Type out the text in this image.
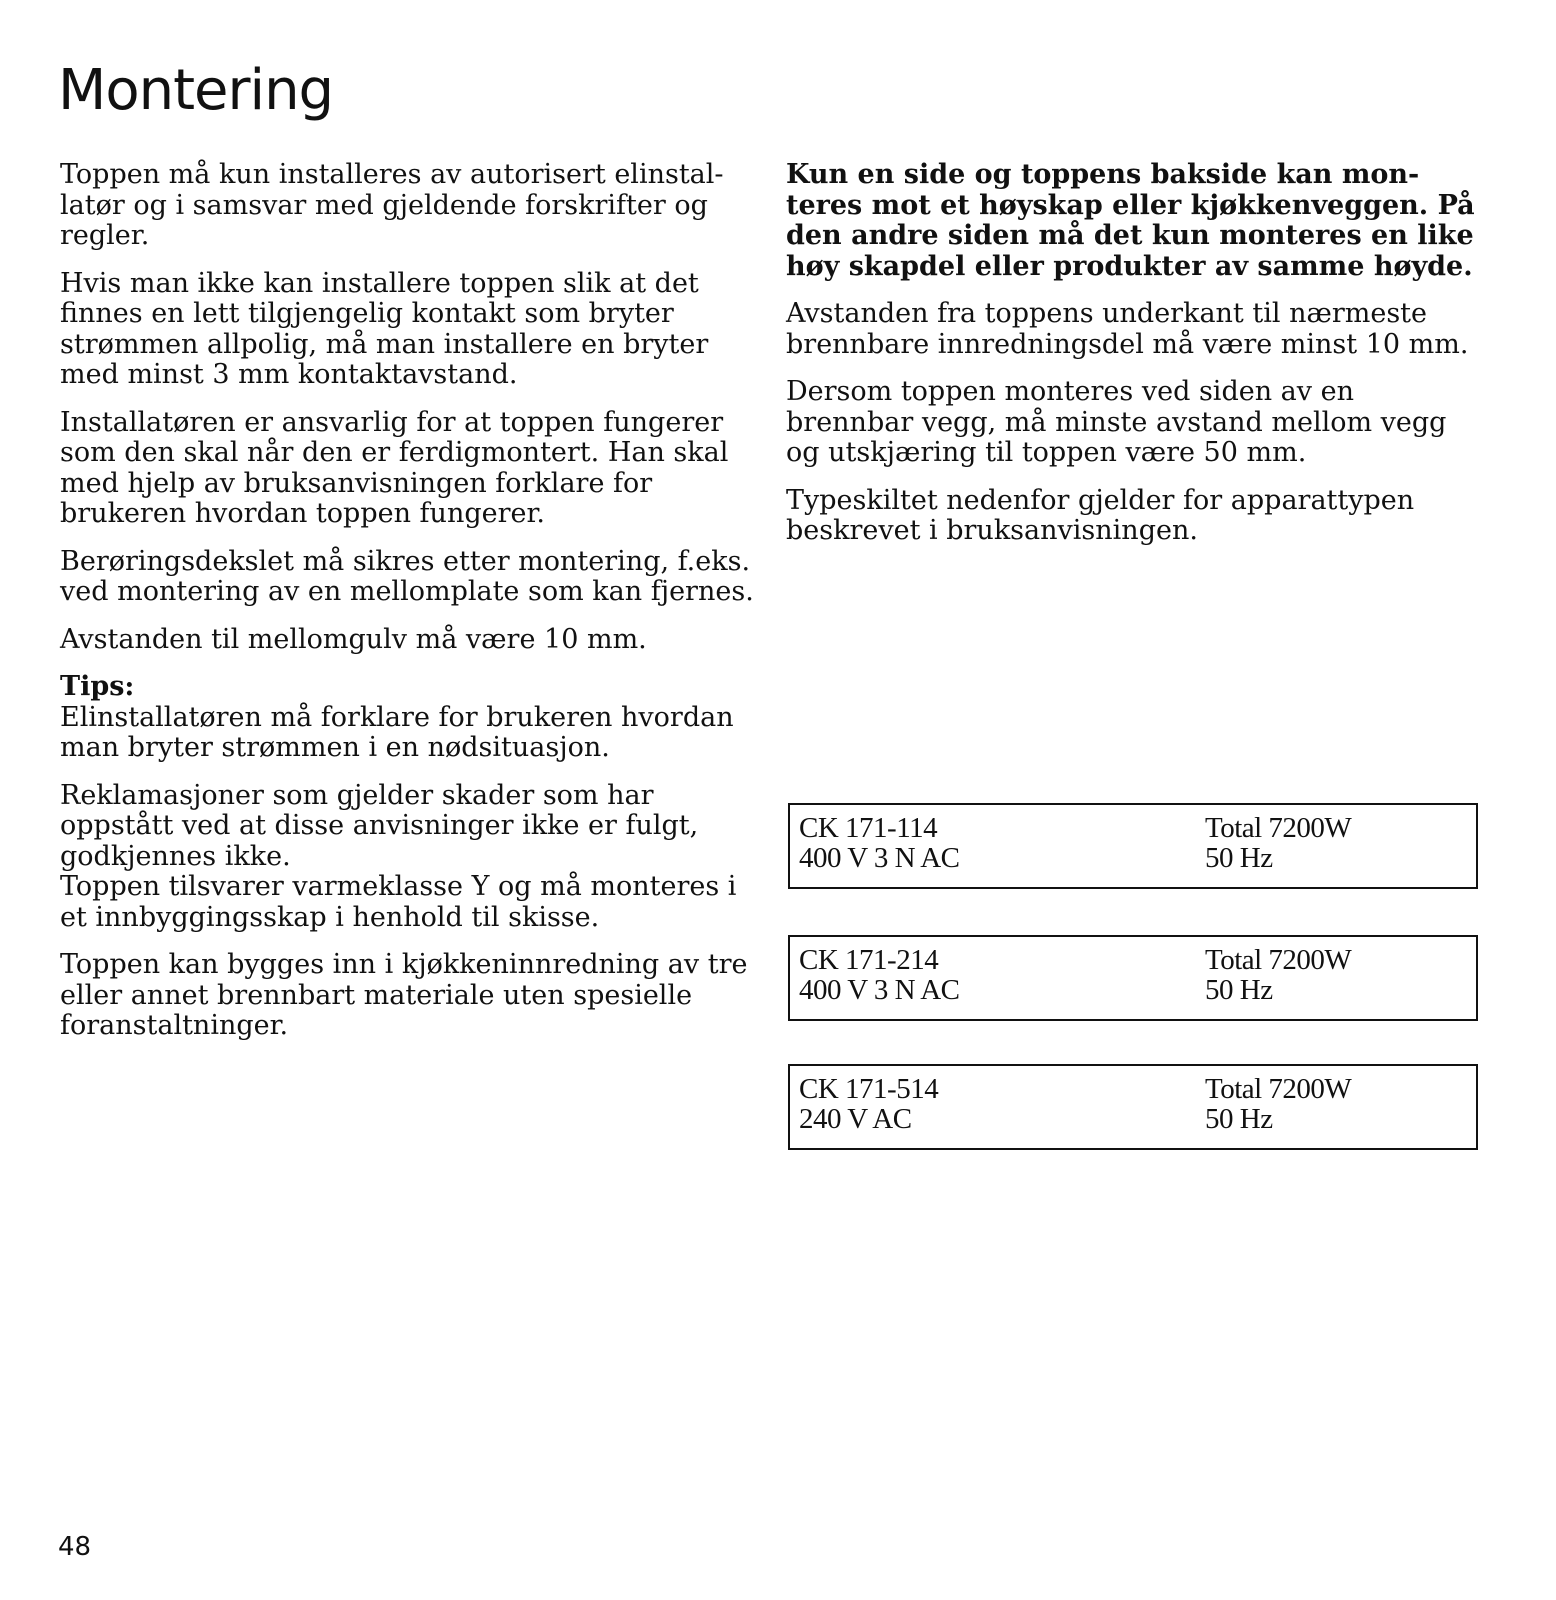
Montering

Toppen må kun installeres av autorisert elinstal- latør og i samsvar med gjeldende forskrifter og regler.

Hvis man ikke kan installere toppen slik at det finnes en lett tilgjengelig kontakt som bryter strømmen allpolig, må man installere en bryter med minst 3 mm kontaktavstand.

Installatøren er ansvarlig for at toppen fungerer som den skal når den er ferdigmontert. Han skal med hjelp av bruksanvisningen forklare for brukeren hvordan toppen fungerer.

Berøringsdekslet må sikres etter montering, f.eks. ved montering av en mellomplate som kan fjernes.

Avstanden til mellomgulv må være 10 mm.

Tips:

Elinstallatøren må forklare for brukeren hvordan man bryter strømmen i en nødsituasjon.

Reklamasjoner som gjelder skader som har oppstått ved at disse anvisninger ikke er fulgt, godkjennes ikke.

Toppen tilsvarer varmeklasse Y og må monteres i et innbyggingsskap i henhold til skisse.

Toppen kan bygges inn i kjøkkeninnredning av tre eller annet brennbart materiale uten spesielle foranstaltninger.

Kun en side og toppens bakside kan mon- teres mot et høyskap eller kjøkkenveggen. På den andre siden må det kun monteres en like høy skapdel eller produkter av samme høyde.

Avstanden fra toppens underkant til nærmeste brennbare innredningsdel må være minst 10 mm.

Dersom toppen monteres ved siden av en brennbar vegg, må minste avstand mellom vegg og utskjæring til toppen være 50 mm.

Typeskiltet nedenfor gjelder for apparattypen beskrevet i bruksanvisningen.

CK 171-114
400 V 3 N AC
Total 7200W
50 Hz
CK 171-214
400 V 3 N AC
Total 7200W
50 Hz
CK 171-514
240 V AC
Total 7200W
50 Hz
48
